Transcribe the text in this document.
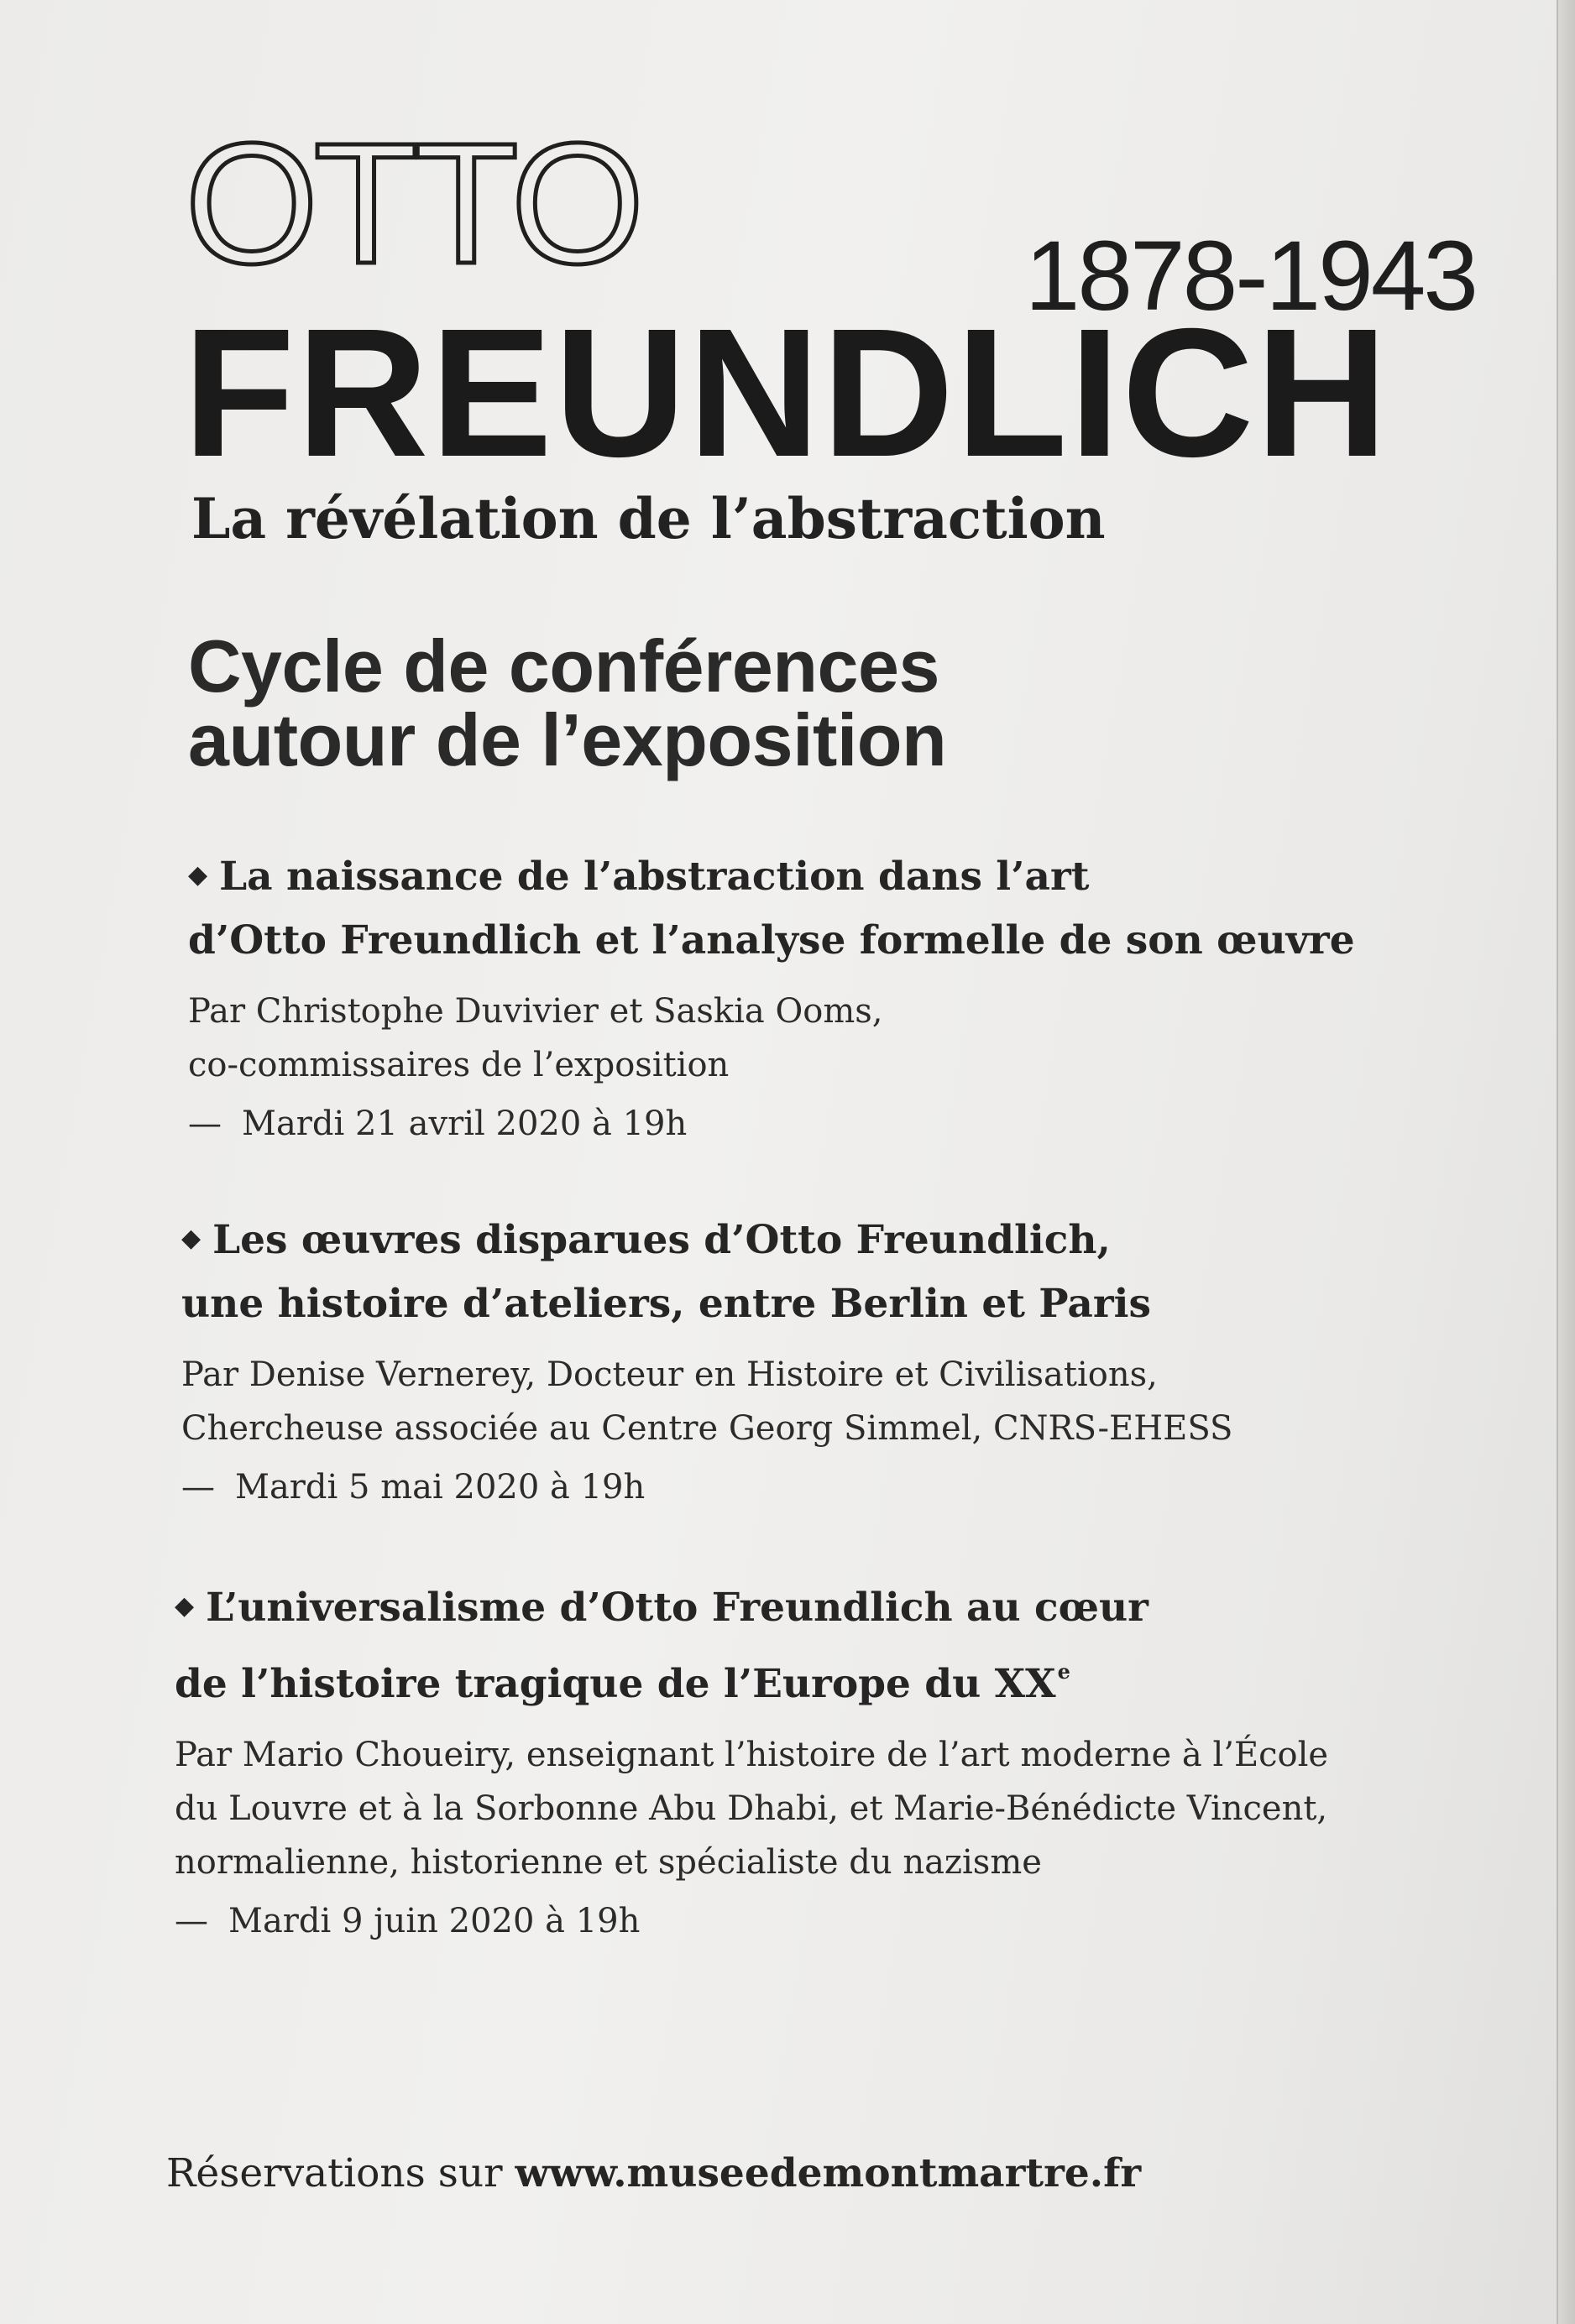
OTTO	1878-1943
FREUNDLICH
La révélation de l’abstraction
Cycle de conférences
autour de l’exposition
◆ La naissance de l’abstraction dans l’art
d’Otto Freundlich et l’analyse formelle de son œuvre
Par Christophe Duvivier et Saskia Ooms,
co-commissaires de l’exposition
— Mardi 21 avril 2020 à 19h
◆ Les œuvres disparues d’Otto Freundlich,
une histoire d’ateliers, entre Berlin et Paris
Par Denise Vernerey, Docteur en Histoire et Civilisations,
Chercheuse associée au Centre Georg Simmel, CNRS-EHESS
— Mardi 5 mai 2020 à 19h
◆ L’universalisme d’Otto Freundlich au cœur
de l’histoire tragique de l’Europe du XXe
Par Mario Choueiry, enseignant l’histoire de l’art moderne à l’École
du Louvre et à la Sorbonne Abu Dhabi, et Marie-Bénédicte Vincent,
normalienne, historienne et spécialiste du nazisme
— Mardi 9 juin 2020 à 19h
Réservations sur www.museedemontmartre.fr
